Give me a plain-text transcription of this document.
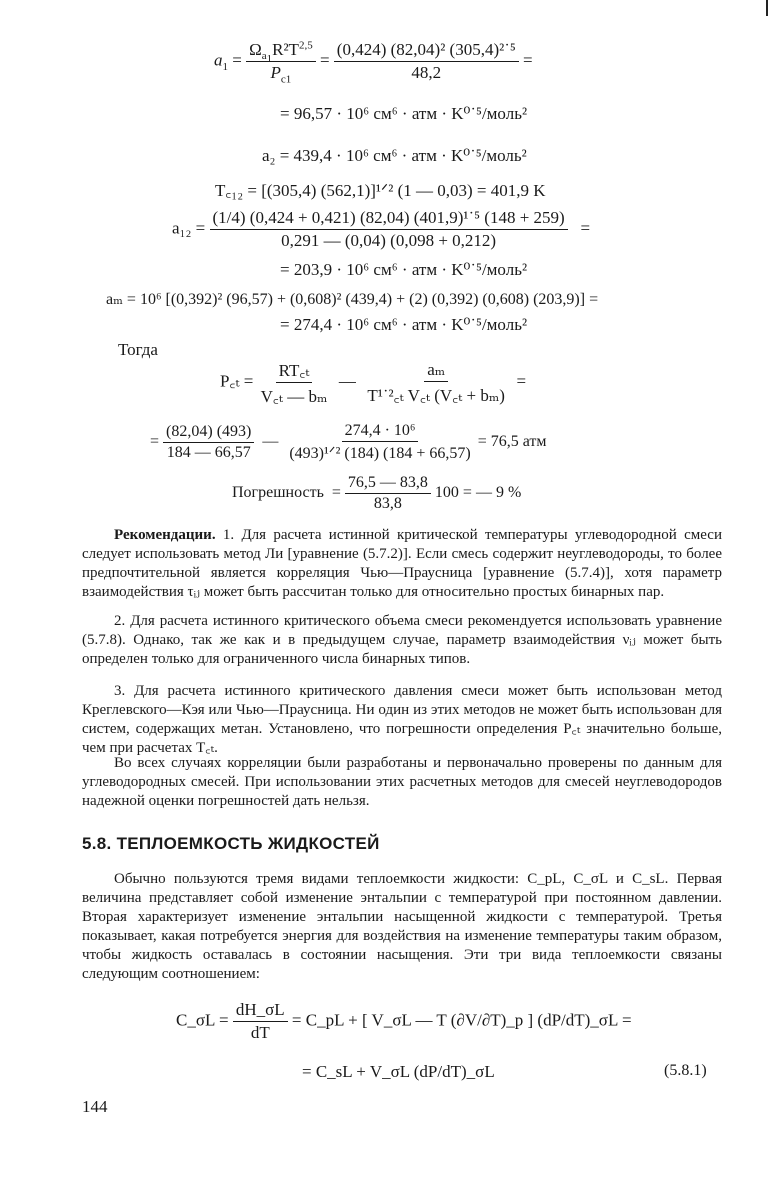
$a_1 = \frac{\Omega_{a_1}R^2T^{2,5}}{P_{c1}} = \frac{\text{(0,424) (82,04)² (305,4)²˙⁵}}{48,2}$ =
= 96,57 · 10⁶ см⁶ · атм · K⁰˙⁵/моль²
a₂ = 439,4 · 10⁶ см⁶ · атм · K⁰˙⁵/моль²
T꜀₁₂ = [(305,4) (562,1)]¹ᐟ² (1 — 0,03) = 401,9 K
$a_{12} = \frac{\text{(1/4) (0,424 + 0,421) (82,04) (401,9)¹˙⁵ (148 + 259)}}{0,291 — (0,04) (0,098 + 0,212)}$ =
= 203,9 · 10⁶ см⁶ · атм · K⁰˙⁵/моль²
aₘ = 10⁶ [(0,392)² (96,57) + (0,608)² (439,4) + (2) (0,392) (0,608) (203,9)] =
= 274,4 · 10⁶ см⁶ · атм · K⁰˙⁵/моль²
Тогда
P꜀ₜ = $\frac{\text{RT꜀ₜ}}{\text{V꜀ₜ — bₘ}}$ — $\frac{\text{aₘ}}{\text{T¹˙²꜀ₜ V꜀ₜ (V꜀ₜ + bₘ)}}$ =
= $\frac{(82,04) (493)}{184 — 66,57}$ — $\frac{\text{274,4 · 10⁶}}{\text{(493)¹ᐟ² (184) (184 + 66,57)}} = 76,5$ атм
Погрешность  = $\frac{76,5 — 83,8}{83,8} 100$ = — 9 %
Рекомендации. 1. Для расчета истинной критической температуры углеводородной смеси следует использовать метод Ли [уравнение (5.7.2)]. Если смесь содержит неуглеводороды, то более предпочтительной является корреляция Чью—Праусница [уравнение (5.7.4)], хотя параметр взаимодействия τᵢⱼ может быть рассчитан только для относительно простых бинарных пар.
2. Для расчета истинного критического объема смеси рекомендуется использовать уравнение (5.7.8). Однако, так же как и в предыдущем случае, параметр взаимодействия νᵢⱼ может быть определен только для ограниченного числа бинарных типов.
3. Для расчета истинного критического давления смеси может быть использован метод Креглевского—Кэя или Чью—Праусница. Ни один из этих методов не может быть использован для систем, содержащих метан. Установлено, что погрешности определения P꜀ₜ значительно больше, чем при расчетах T꜀ₜ.
Во всех случаях корреляции были разработаны и первоначально проверены по данным для углеводородных смесей. При использовании этих расчетных методов для смесей неуглеводородов надежной оценки погрешностей дать нельзя.
5.8. ТЕПЛОЕМКОСТЬ ЖИДКОСТЕЙ
Обычно пользуются тремя видами теплоемкости жидкости: C_pL, C_σL и C_sL. Первая величина представляет собой изменение энтальпии с температурой при постоянном давлении. Вторая характеризует изменение энтальпии насыщенной жидкости с температурой. Третья показывает, какая потребуется энергия для воздействия на изменение температуры таким образом, чтобы жидкость оставалась в состоянии насыщения. Эти три вида теплоемкости связаны следующим соотношением:
C_σL = $\frac{dH\_\sigma L}{dT}$ = C_pL + [ V_σL — T (∂V/∂T)_p ] (dP/dT)_σL =
= C_sL + V_σL (dP/dT)_σL	(5.8.1)
144
